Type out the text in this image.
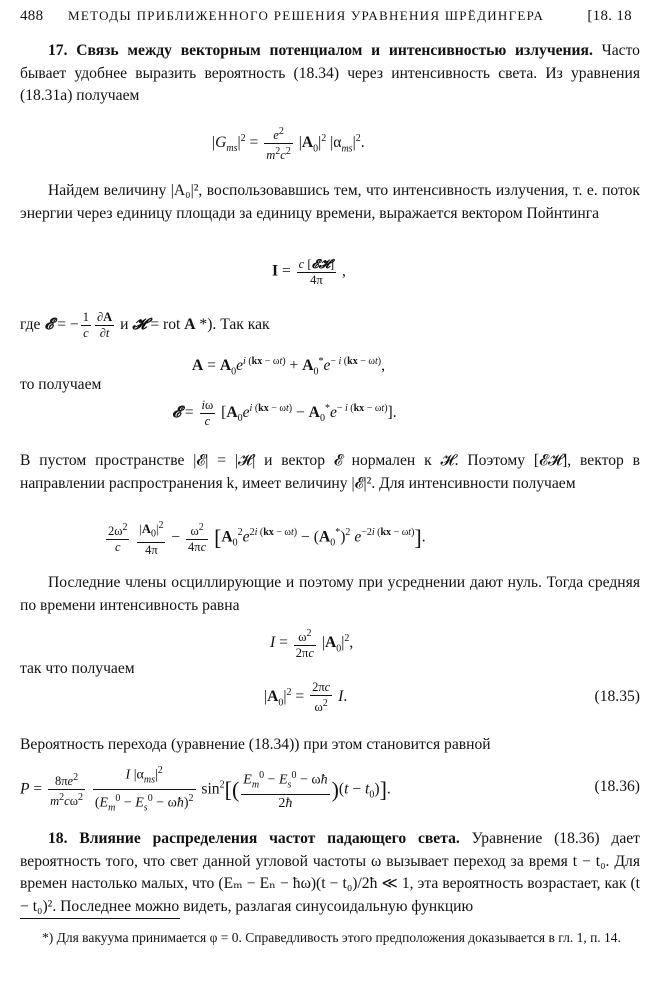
488 МЕТОДЫ ПРИБЛИЖЕННОГО РЕШЕНИЯ УРАВНЕНИЯ ШРЁДИНГЕРА	[18. 18
17. Связь между векторным потенциалом и интенсивностью излучения. Часто бывает удобнее выразить вероятность (18.34) через интенсивность света. Из уравнения (18.31а) получаем
$|G_{ms}|^2 = \frac{e^2}{m^2c^2} |A_0|^2$ $|\alpha_{ms}|^2$.
Найдем величину |A₀|², воспользовавшись тем, что интенсивность излучения, т. е. поток энергии через единицу площади за единицу времени, выражается вектором Пойнтинга
$I = \frac{\text{c [𝓔𝓗]}}{4\pi}$ ,
где 𝓔 = − $\frac{1}{c} \frac{\partial A}{\partial t}$ и 𝓗 = rot A *). Так как
$A = A_0e^{i (kx - \omega t)} + A_0^*e^{- i (kx - \omega t)}$,
то получаем
𝓔 = $\frac{i\omega}{c} [A_0e^{i (kx - \omega t)} - A_0^*e^{- i (kx - \omega t)}]$.
В пустом пространстве |𝓔| = |𝓗| и вектор 𝓔 нормален к 𝓗. Поэтому [𝓔𝓗], вектор в направлении распространения k, имеет величину |𝓔|². Для интенсивности получаем
$\frac{2\omega^2}{c}$
$\frac{|A_0|^2}{4\pi} - \frac{\omega^2}{4\pi c} [A_0^2e^{2i (kx - \omega t)} - (A_0^*)^2$ $e^{-2i (kx - \omega t)}$].
Последние члены осциллирующие и поэтому при усреднении дают нуль. Тогда средняя по времени интенсивность равна
$I = \frac{\omega^2}{2\pi c} |A_0|^2$,
так что получаем
$|A_0|^2 = \frac{2\pi c}{\omega^2} I$.	(18.35)
Вероятность перехода (уравнение (18.34)) при этом становится равной
$P = \frac{8\pi e^2}{m^2c\omega^2}$
$\frac{I |\alpha_{ms}|^2}{(E_m^0 - E_s^0 - \omega ħ)^2} \sin^2[( \frac{E_m^0 - E_s^0 - \omega ħ}{2ħ} )(t - t_0)]$.	(18.36)
18. Влияние распределения частот падающего света. Уравнение (18.36) дает вероятность того, что свет данной угловой частоты ω вызывает переход за время t − t₀. Для времен настолько малых, что (Eₘ − Eₙ − ħω)(t − t₀)/2ħ ≪ 1, эта вероятность возрастает, как (t − t₀)². Последнее можно видеть, разлагая синусоидальную функцию
*) Для вакуума принимается φ = 0. Справедливость этого предположения доказывается в гл. 1, п. 14.
